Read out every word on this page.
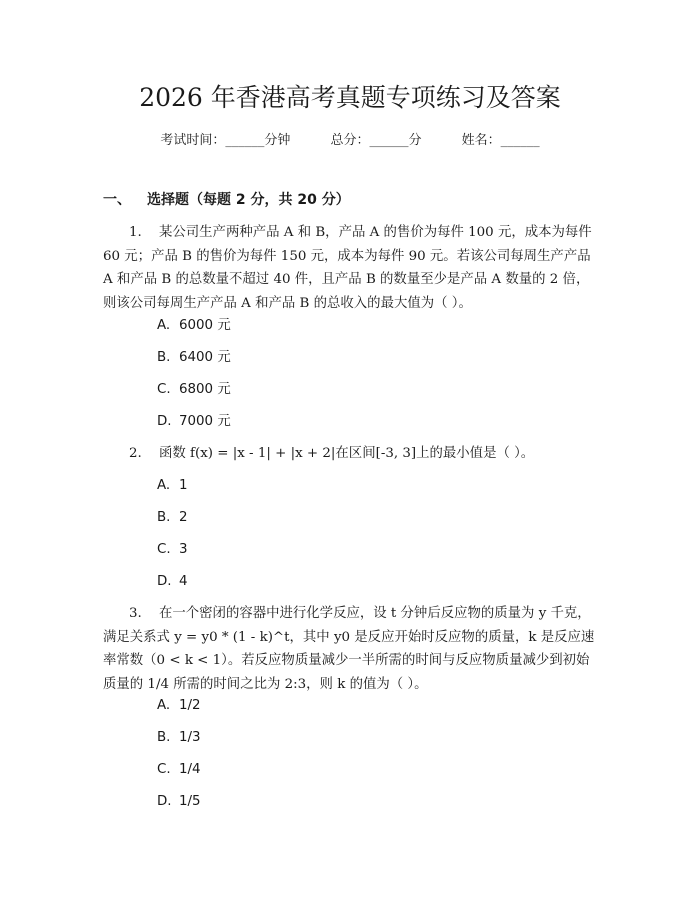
2026 年香港高考真题专项练习及答案
考试时间：______分钟	总分：______分	姓名：______
一、 选择题（每题 2 分，共 20 分）
1. 某公司生产两种产品 A 和 B，产品 A 的售价为每件 100 元，成本为每件 60 元；产品 B 的售价为每件 150 元，成本为每件 90 元。若该公司每周生产产品 A 和产品 B 的总数量不超过 40 件，且产品 B 的数量至少是产品 A 数量的 2 倍，则该公司每周生产产品 A 和产品 B 的总收入的最大值为（ ）。
A. 6000 元
B. 6400 元
C. 6800 元
D. 7000 元
2. 函数 f(x) = |x - 1| + |x + 2|在区间[-3, 3]上的最小值是（ ）。
A. 1
B. 2
C. 3
D. 4
3. 在一个密闭的容器中进行化学反应，设 t 分钟后反应物的质量为 y 千克，满足关系式 y = y0 * (1 - k)^t，其中 y0 是反应开始时反应物的质量，k 是反应速率常数（0 < k < 1）。若反应物质量减少一半所需的时间与反应物质量减少到初始质量的 1/4 所需的时间之比为 2:3，则 k 的值为（ ）。
A. 1/2
B. 1/3
C. 1/4
D. 1/5
